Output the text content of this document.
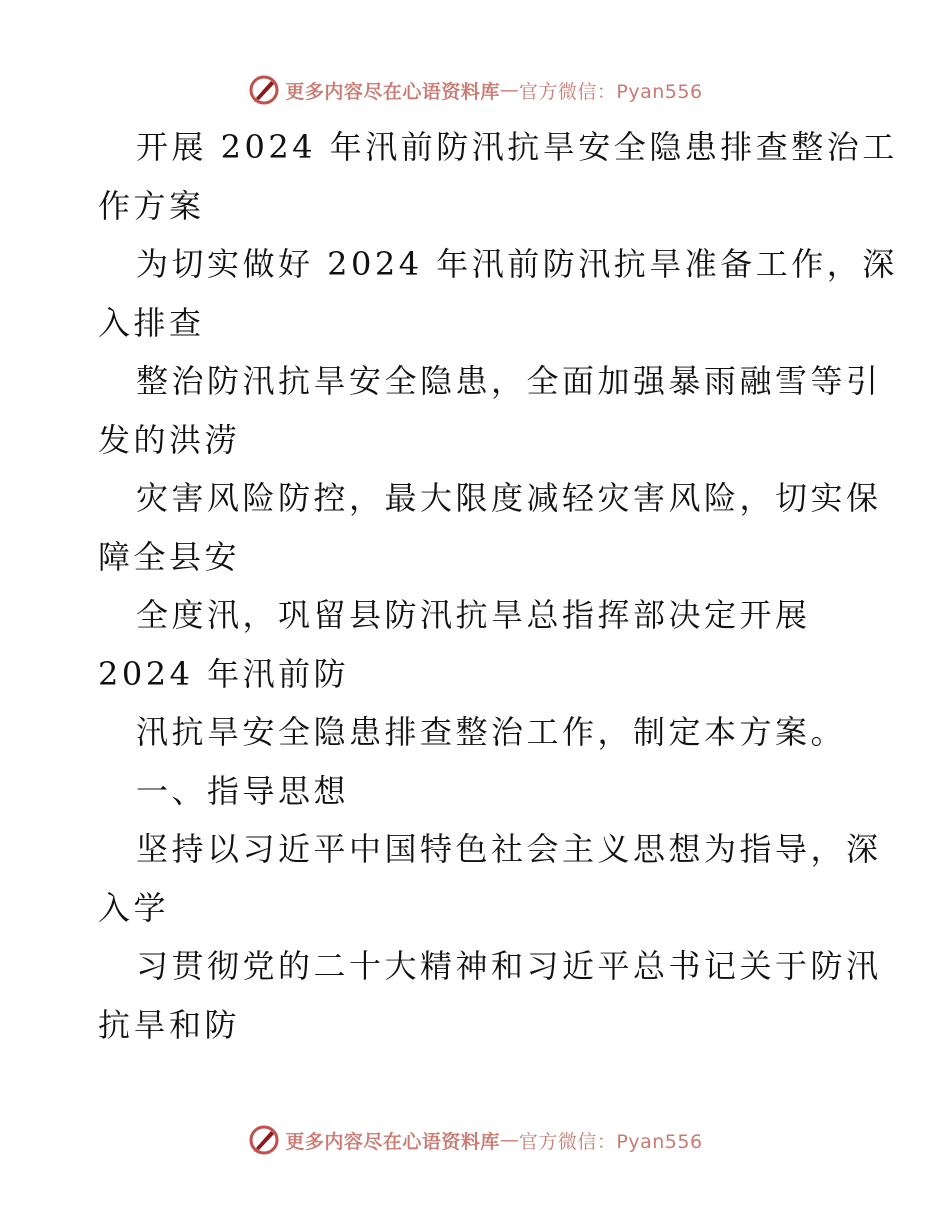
更多内容尽在心语资料库 — 官方微信：Pyan556
开展 2024 年汛前防汛抗旱安全隐患排查整治工
作方案
为切实做好 2024 年汛前防汛抗旱准备工作，深
入排查
整治防汛抗旱安全隐患，全面加强暴雨融雪等引
发的洪涝
灾害风险防控，最大限度减轻灾害风险，切实保
障全县安
全度汛，巩留县防汛抗旱总指挥部决定开展
2024 年汛前防
汛抗旱安全隐患排查整治工作，制定本方案。
一、指导思想
坚持以习近平中国特色社会主义思想为指导，深
入学
习贯彻党的二十大精神和习近平总书记关于防汛
抗旱和防
更多内容尽在心语资料库 — 官方微信：Pyan556
